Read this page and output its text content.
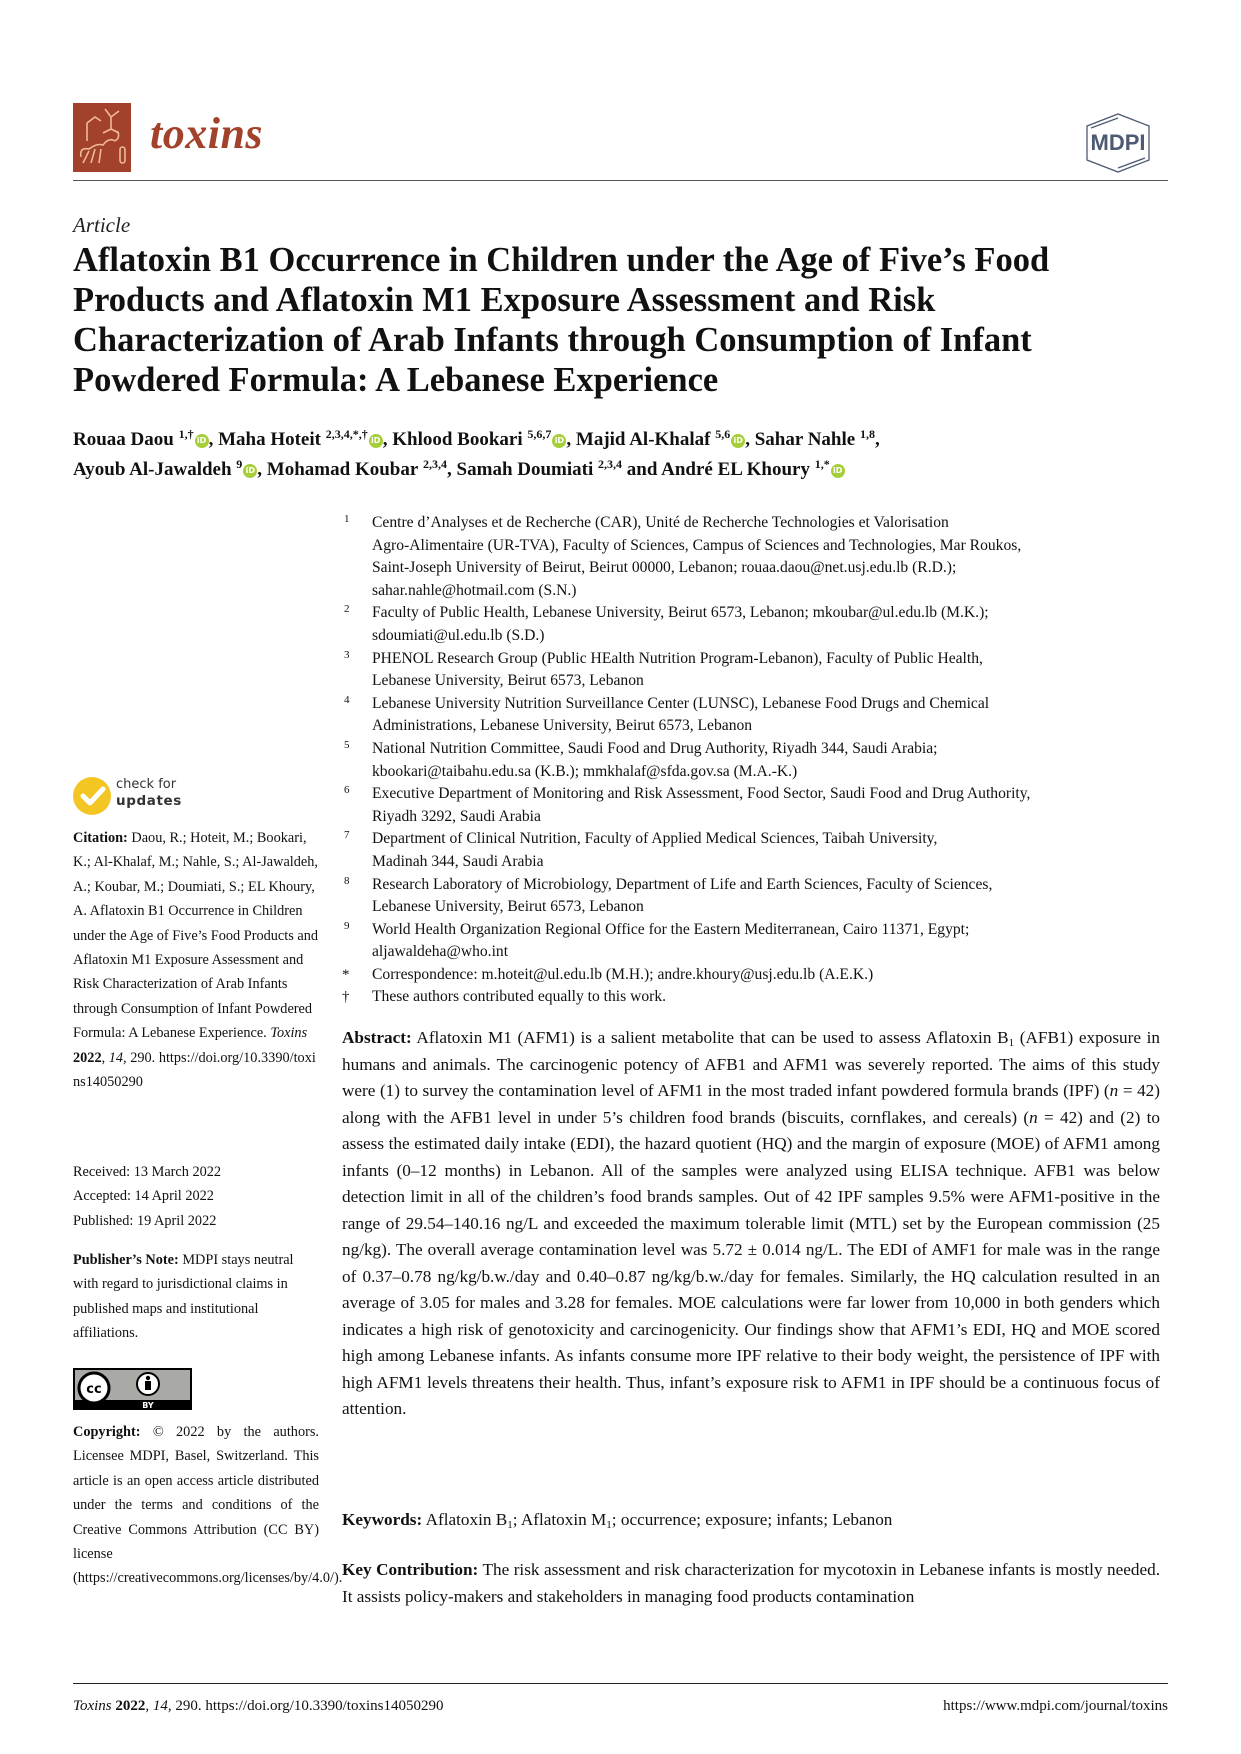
toxins	MDPI
Article
Aflatoxin B1 Occurrence in Children under the Age of Five’s Food Products and Aflatoxin M1 Exposure Assessment and Risk Characterization of Arab Infants through Consumption of Infant Powdered Formula: A Lebanese Experience
Rouaa Daou $^{1,\dagger}$ iD , Maha Hoteit $^{2,3,4,*,\dagger}$ iD , Khlood Bookari $^{5,6,7}$ iD , Majid Al-Khalaf $^{5,6}$ iD , Sahar Nahle $^{1,8}$,
Ayoub Al-Jawaldeh $^9$ iD , Mohamad Koubar $^{2,3,4}$, Samah Doumiati $^{2,3,4}$ and André EL Khoury $^{1,*}$ iD
1 Centre d’Analyses et de Recherche (CAR), Unité de Recherche Technologies et Valorisation
Agro-Alimentaire (UR-TVA), Faculty of Sciences, Campus of Sciences and Technologies, Mar Roukos,
Saint-Joseph University of Beirut, Beirut 00000, Lebanon; rouaa.daou@net.usj.edu.lb (R.D.);
sahar.nahle@hotmail.com (S.N.)
2 Faculty of Public Health, Lebanese University, Beirut 6573, Lebanon; mkoubar@ul.edu.lb (M.K.);
sdoumiati@ul.edu.lb (S.D.)
3 PHENOL Research Group (Public HEalth Nutrition Program-Lebanon), Faculty of Public Health,
Lebanese University, Beirut 6573, Lebanon
4 Lebanese University Nutrition Surveillance Center (LUNSC), Lebanese Food Drugs and Chemical
Administrations, Lebanese University, Beirut 6573, Lebanon
5 National Nutrition Committee, Saudi Food and Drug Authority, Riyadh 344, Saudi Arabia;
kbookari@taibahu.edu.sa (K.B.); mmkhalaf@sfda.gov.sa (M.A.-K.)
6 Executive Department of Monitoring and Risk Assessment, Food Sector, Saudi Food and Drug Authority,
Riyadh 3292, Saudi Arabia
7 Department of Clinical Nutrition, Faculty of Applied Medical Sciences, Taibah University,
Madinah 344, Saudi Arabia
8 Research Laboratory of Microbiology, Department of Life and Earth Sciences, Faculty of Sciences,
Lebanese University, Beirut 6573, Lebanon
9 World Health Organization Regional Office for the Eastern Mediterranean, Cairo 11371, Egypt;
aljawaldeha@who.int
* Correspondence: m.hoteit@ul.edu.lb (M.H.); andre.khoury@usj.edu.lb (A.E.K.)
† These authors contributed equally to this work.
check for
updates
Citation: Daou, R.; Hoteit, M.; Bookari, K.; Al-Khalaf, M.; Nahle, S.; Al-Jawaldeh, A.; Koubar, M.; Doumiati, S.; EL Khoury, A. Aflatoxin B1 Occurrence in Children under the Age of Five’s Food Products and Aflatoxin M1 Exposure Assessment and Risk Characterization of Arab Infants through Consumption of Infant Powdered Formula: A Lebanese Experience. Toxins 2022, 14, 290. https://doi.org/10.3390/toxins14050290
Received: 13 March 2022
Accepted: 14 April 2022
Published: 19 April 2022
Publisher’s Note: MDPI stays neutral with regard to jurisdictional claims in published maps and institutional affiliations.
cc
BY
Copyright: © 2022 by the authors. Licensee MDPI, Basel, Switzerland. This article is an open access article distributed under the terms and conditions of the Creative Commons Attribution (CC BY) license (https://creativecommons.org/licenses/by/4.0/).
Abstract: Aflatoxin M1 (AFM1) is a salient metabolite that can be used to assess Aflatoxin $B_1$ (AFB1) exposure in humans and animals. The carcinogenic potency of AFB1 and AFM1 was severely reported. The aims of this study were (1) to survey the contamination level of AFM1 in the most traded infant powdered formula brands (IPF) (n = 42) along with the AFB1 level in under 5’s children food brands (biscuits, cornflakes, and cereals) (n = 42) and (2) to assess the estimated daily intake (EDI), the hazard quotient (HQ) and the margin of exposure (MOE) of AFM1 among infants (0–12 months) in Lebanon. All of the samples were analyzed using ELISA technique. AFB1 was below detection limit in all of the children’s food brands samples. Out of 42 IPF samples 9.5% were AFM1-positive in the range of 29.54–140.16 ng/L and exceeded the maximum tolerable limit (MTL) set by the European commission (25 ng/kg). The overall average contamination level was 5.72 ± 0.014 ng/L. The EDI of AMF1 for male was in the range of 0.37–0.78 ng/kg/b.w./day and 0.40–0.87 ng/kg/b.w./day for females. Similarly, the HQ calculation resulted in an average of 3.05 for males and 3.28 for females. MOE calculations were far lower from 10,000 in both genders which indicates a high risk of genotoxicity and carcinogenicity. Our findings show that AFM1’s EDI, HQ and MOE scored high among Lebanese infants. As infants consume more IPF relative to their body weight, the persistence of IPF with high AFM1 levels threatens their health. Thus, infant’s exposure risk to AFM1 in IPF should be a continuous focus of attention.
Keywords: Aflatoxin $B_1$; Aflatoxin $M_1$; occurrence; exposure; infants; Lebanon
Key Contribution: The risk assessment and risk characterization for mycotoxin in Lebanese infants is mostly needed. It assists policy-makers and stakeholders in managing food products contamination
Toxins 2022, 14, 290. https://doi.org/10.3390/toxins14050290	https://www.mdpi.com/journal/toxins
